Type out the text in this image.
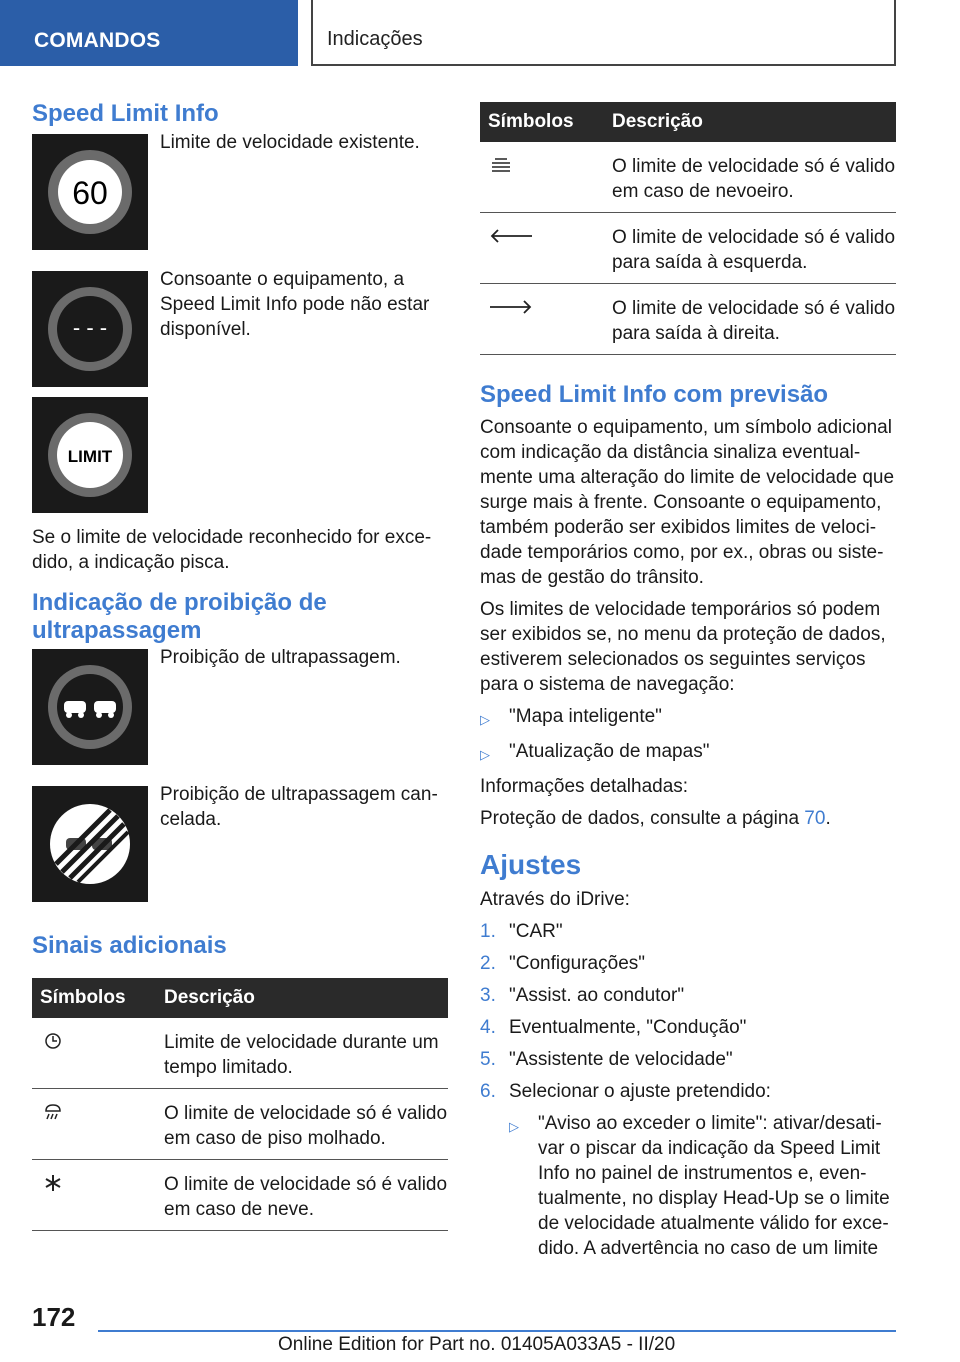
COMANDOS	Indicações
Speed Limit Info
60
Limite de velocidade existente.
- - -
Consoante o equipamento, a Speed Limit Info pode não estar disponível.
LIMIT

Se o limite de velocidade reconhecido for excedido, a indicação pisca.

Indicação de proibição de ultrapassagem
Proibição de ultrapassagem.
Proibição de ultrapassagem cancelada.
Sinais adicionais
Símbolos	Descrição
	Limite de velocidade durante um tempo limitado.
	O limite de velocidade só é valido em caso de piso molhado.
	O limite de velocidade só é valido em caso de neve.
Símbolos	Descrição
	O limite de velocidade só é valido em caso de nevoeiro.
	O limite de velocidade só é valido para saída à esquerda.
	O limite de velocidade só é valido para saída à direita.
Speed Limit Info com previsão

Consoante o equipamento, um símbolo adicional com indicação da distância sinaliza eventualmente uma alteração do limite de velocidade que surge mais à frente. Consoante o equipamento, também poderão ser exibidos limites de velocidade temporários como, por ex., obras ou sistemas de gestão do trânsito.

Os limites de velocidade temporários só podem ser exibidos se, no menu da proteção de dados, estiverem selecionados os seguintes serviços para o sistema de navegação:

▷	"Mapa inteligente"
▷	"Atualização de mapas"

Informações detalhadas:

Proteção de dados, consulte a página 70.

Ajustes

Através do iDrive:

1. "CAR"
2. "Configurações"
3. "Assist. ao condutor"
4. Eventualmente, "Condução"
5. "Assistente de velocidade"
6. Selecionar o ajuste pretendido:
▷	"Aviso ao exceder o limite": ativar/desativar o piscar da indicação da Speed Limit Info no painel de instrumentos e, eventualmente, no display Head-Up se o limite de velocidade atualmente válido for excedido. A advertência no caso de um limite
172
Online Edition for Part no. 01405A033A5 - II/20
